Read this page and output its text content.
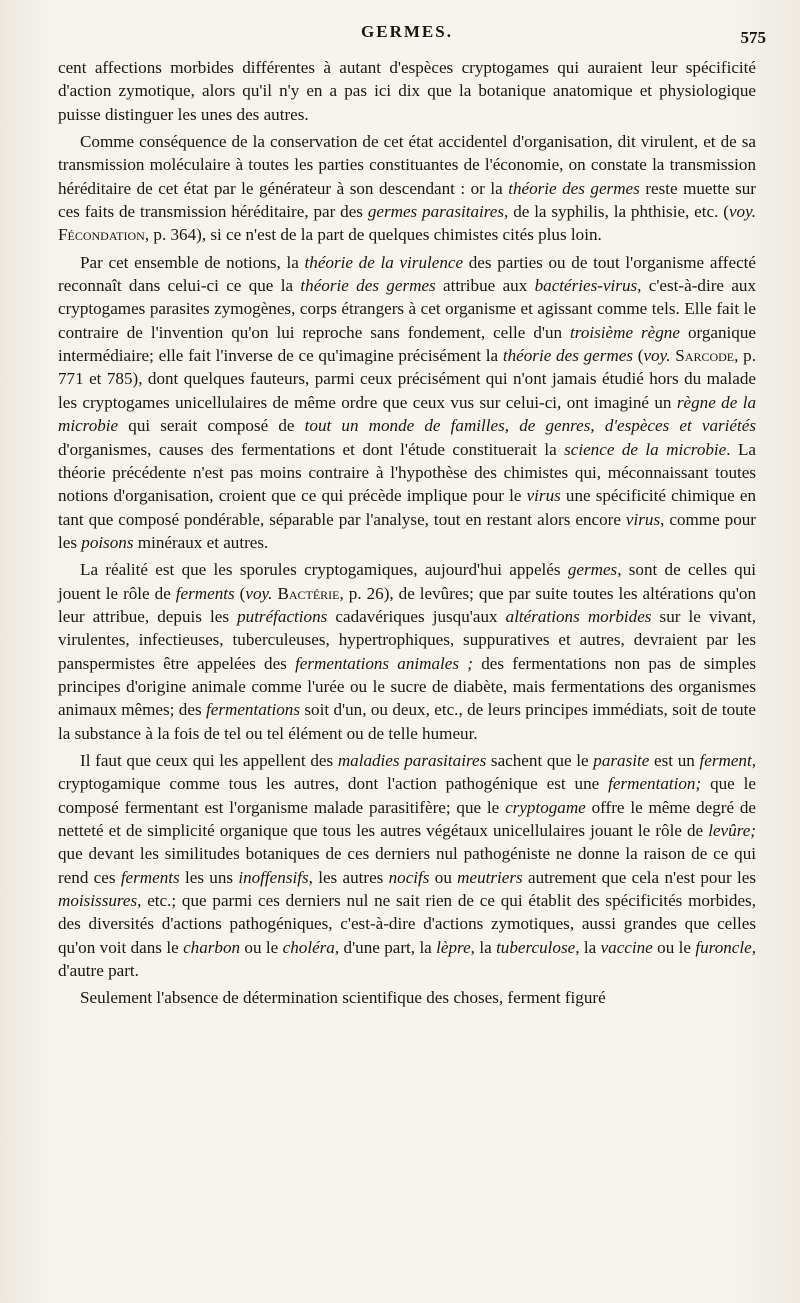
GERMES.	575

cent affections morbides différentes à autant d'espèces cryptogames qui auraient leur spécificité d'action zymotique, alors qu'il n'y en a pas ici dix que la botanique anatomique et physiologique puisse distinguer les unes des autres.

Comme conséquence de la conservation de cet état accidentel d'organisation, dit virulent, et de sa transmission moléculaire à toutes les parties constituantes de l'économie, on constate la transmission héréditaire de cet état par le générateur à son descendant : or la théorie des germes reste muette sur ces faits de transmission héréditaire, par des germes parasitaires, de la syphilis, la phthisie, etc. (voy. Fécondation, p. 364), si ce n'est de la part de quelques chimistes cités plus loin.

Par cet ensemble de notions, la théorie de la virulence des parties ou de tout l'organisme affecté reconnaît dans celui-ci ce que la théorie des germes attribue aux bactéries-virus, c'est-à-dire aux cryptogames parasites zymogènes, corps étrangers à cet organisme et agissant comme tels. Elle fait le contraire de l'invention qu'on lui reproche sans fondement, celle d'un troisième règne organique intermédiaire; elle fait l'inverse de ce qu'imagine précisément la théorie des germes (voy. Sarcode, p. 771 et 785), dont quelques fauteurs, parmi ceux précisément qui n'ont jamais étudié hors du malade les cryptogames unicellulaires de même ordre que ceux vus sur celui-ci, ont imaginé un règne de la microbie qui serait composé de tout un monde de familles, de genres, d'espèces et variétés d'organismes, causes des fermentations et dont l'étude constituerait la science de la microbie. La théorie précédente n'est pas moins contraire à l'hypothèse des chimistes qui, méconnaissant toutes notions d'organisation, croient que ce qui précède implique pour le virus une spécificité chimique en tant que composé pondérable, séparable par l'analyse, tout en restant alors encore virus, comme pour les poisons minéraux et autres.

La réalité est que les sporules cryptogamiques, aujourd'hui appelés germes, sont de celles qui jouent le rôle de ferments (voy. Bactérie, p. 26), de levûres; que par suite toutes les altérations qu'on leur attribue, depuis les putréfactions cadavériques jusqu'aux altérations morbides sur le vivant, virulentes, infectieuses, tuberculeuses, hypertrophiques, suppuratives et autres, devraient par les panspermistes être appelées des fermentations animales ; des fermentations non pas de simples principes d'origine animale comme l'urée ou le sucre de diabète, mais fermentations des organismes animaux mêmes; des fermentations soit d'un, ou deux, etc., de leurs principes immédiats, soit de toute la substance à la fois de tel ou tel élément ou de telle humeur.

Il faut que ceux qui les appellent des maladies parasitaires sachent que le parasite est un ferment, cryptogamique comme tous les autres, dont l'action pathogénique est une fermentation; que le composé fermentant est l'organisme malade parasitifère; que le cryptogame offre le même degré de netteté et de simplicité organique que tous les autres végétaux unicellulaires jouant le rôle de levûre; que devant les similitudes botaniques de ces derniers nul pathogéniste ne donne la raison de ce qui rend ces ferments les uns inoffensifs, les autres nocifs ou meutriers autrement que cela n'est pour les moisissures, etc.; que parmi ces derniers nul ne sait rien de ce qui établit des spécificités morbides, des diversités d'actions pathogéniques, c'est-à-dire d'actions zymotiques, aussi grandes que celles qu'on voit dans le charbon ou le choléra, d'une part, la lèpre, la tuberculose, la vaccine ou le furoncle, d'autre part.

Seulement l'absence de détermination scientifique des choses, ferment figuré
